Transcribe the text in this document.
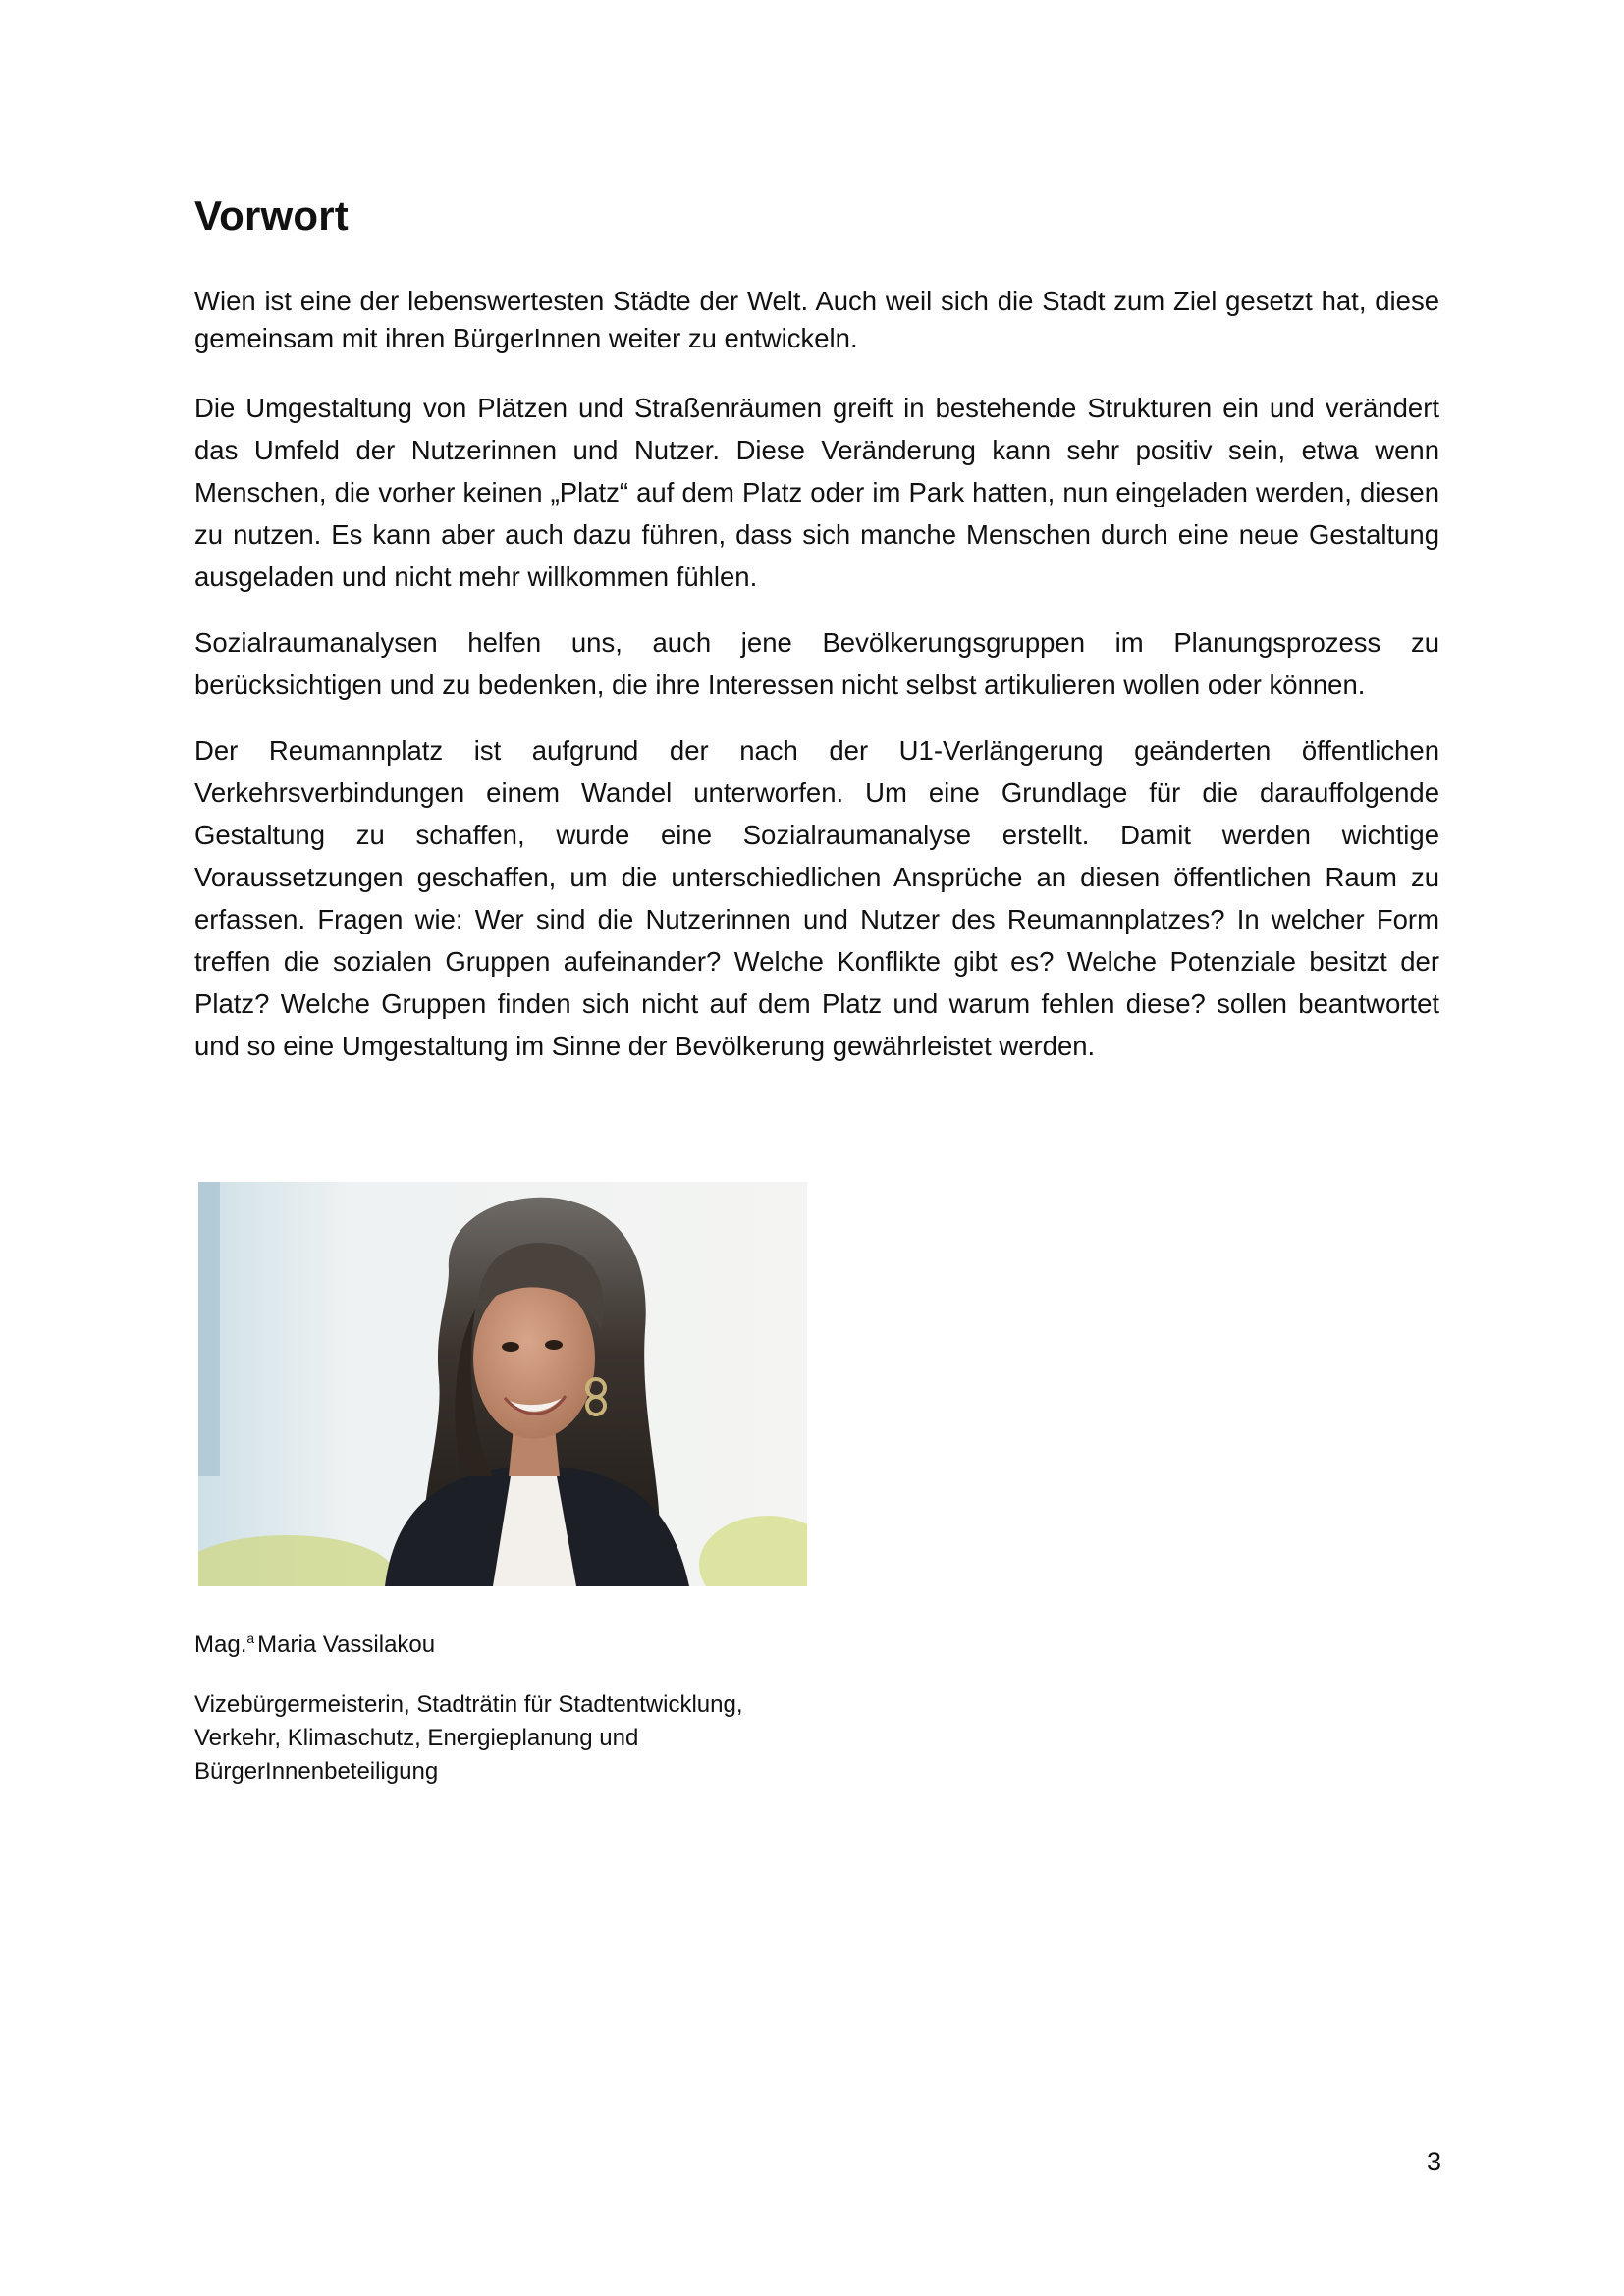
Vorwort

Wien ist eine der lebenswertesten Städte der Welt. Auch weil sich die Stadt zum Ziel gesetzt hat, diese gemeinsam mit ihren BürgerInnen weiter zu entwickeln.

Die Umgestaltung von Plätzen und Straßenräumen greift in bestehende Strukturen ein und verändert das Umfeld der Nutzerinnen und Nutzer. Diese Veränderung kann sehr positiv sein, etwa wenn Menschen, die vorher keinen „Platz“ auf dem Platz oder im Park hatten, nun eingeladen werden, diesen zu nutzen. Es kann aber auch dazu führen, dass sich manche Menschen durch eine neue Gestaltung ausgeladen und nicht mehr willkommen fühlen.

Sozialraumanalysen helfen uns, auch jene Bevölkerungsgruppen im Planungsprozess zu berücksichtigen und zu bedenken, die ihre Interessen nicht selbst artikulieren wollen oder können.

Der Reumannplatz ist aufgrund der nach der U1-Verlängerung geänderten öffentlichen Verkehrsverbindungen einem Wandel unterworfen. Um eine Grundlage für die darauffolgende Gestaltung zu schaffen, wurde eine Sozialraumanalyse erstellt. Damit werden wichtige Voraussetzungen geschaffen, um die unterschiedlichen Ansprüche an diesen öffentlichen Raum zu erfassen. Fragen wie: Wer sind die Nutzerinnen und Nutzer des Reumannplatzes? In welcher Form treffen die sozialen Gruppen aufeinander? Welche Konflikte gibt es? Welche Potenziale besitzt der Platz? Welche Gruppen finden sich nicht auf dem Platz und warum fehlen diese? sollen beantwortet und so eine Umgestaltung im Sinne der Bevölkerung gewährleistet werden.

Mag.$^a$ Maria Vassilakou

Vizebürgermeisterin, Stadträtin für Stadtentwicklung,
Verkehr, Klimaschutz, Energieplanung und
BürgerInnenbeteiligung

3
